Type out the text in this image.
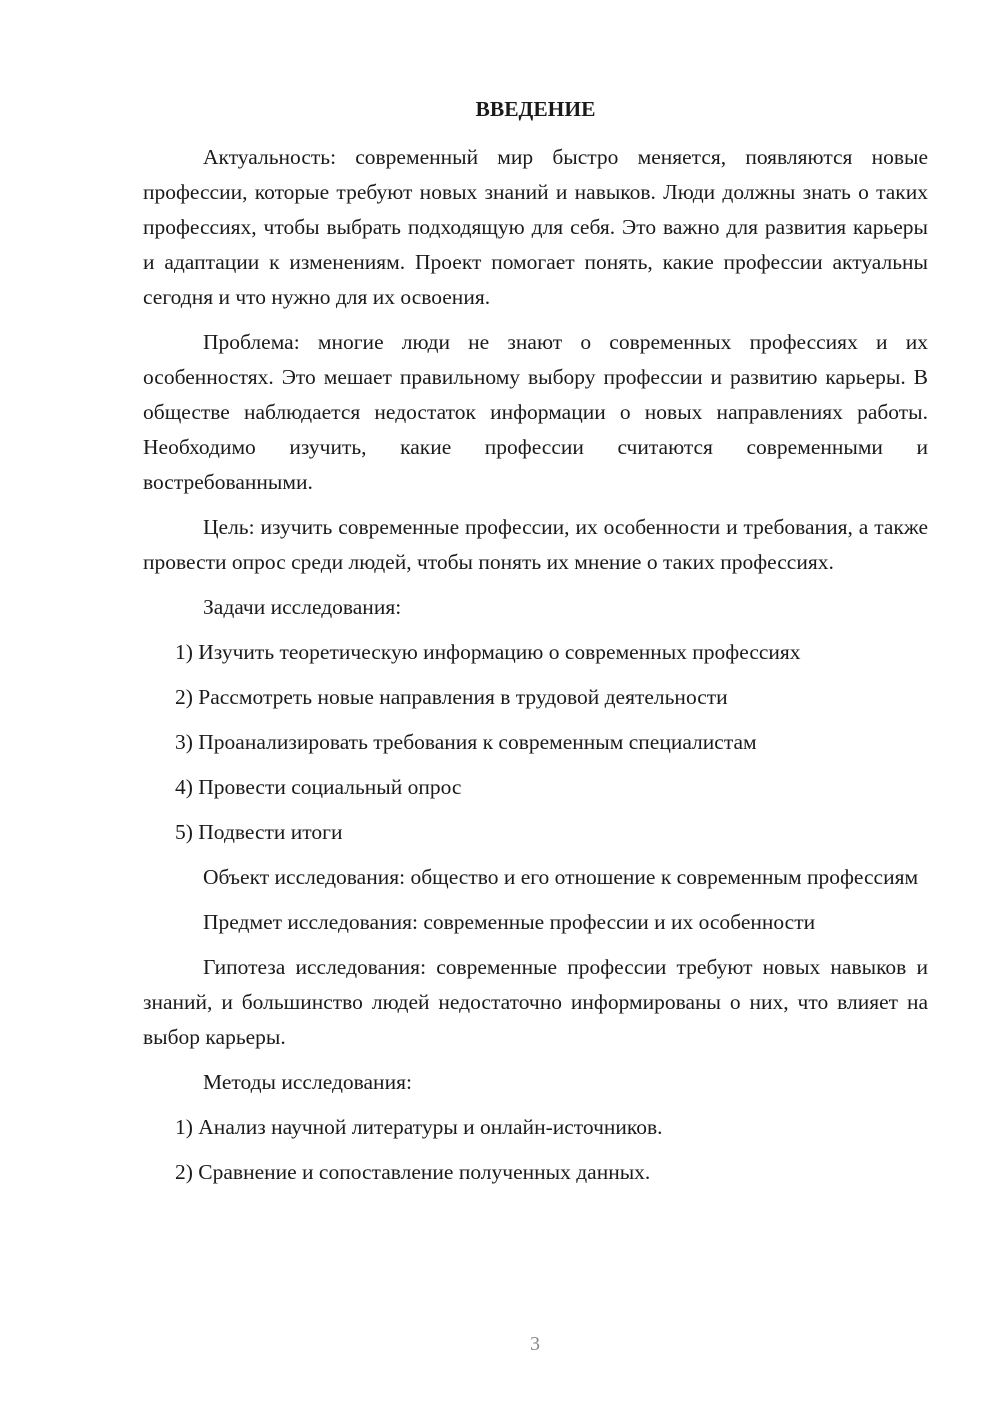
ВВЕДЕНИЕ

Актуальность: современный мир быстро меняется, появляются новые профессии, которые требуют новых знаний и навыков. Люди должны знать о таких профессиях, чтобы выбрать подходящую для себя. Это важно для развития карьеры и адаптации к изменениям. Проект помогает понять, какие профессии актуальны сегодня и что нужно для их освоения.

Проблема: многие люди не знают о современных профессиях и их особенностях. Это мешает правильному выбору профессии и развитию карьеры. В обществе наблюдается недостаток информации о новых направлениях работы. Необходимо изучить, какие профессии считаются современными и востребованными.

Цель: изучить современные профессии, их особенности и требования, а также провести опрос среди людей, чтобы понять их мнение о таких профессиях.

Задачи исследования:

1) Изучить теоретическую информацию о современных профессиях

2) Рассмотреть новые направления в трудовой деятельности

3) Проанализировать требования к современным специалистам

4) Провести социальный опрос

5) Подвести итоги

Объект исследования: общество и его отношение к современным профессиям

Предмет исследования: современные профессии и их особенности

Гипотеза исследования: современные профессии требуют новых навыков и знаний, и большинство людей недостаточно информированы о них, что влияет на выбор карьеры.

Методы исследования:

1) Анализ научной литературы и онлайн-источников.

2) Сравнение и сопоставление полученных данных.

3
